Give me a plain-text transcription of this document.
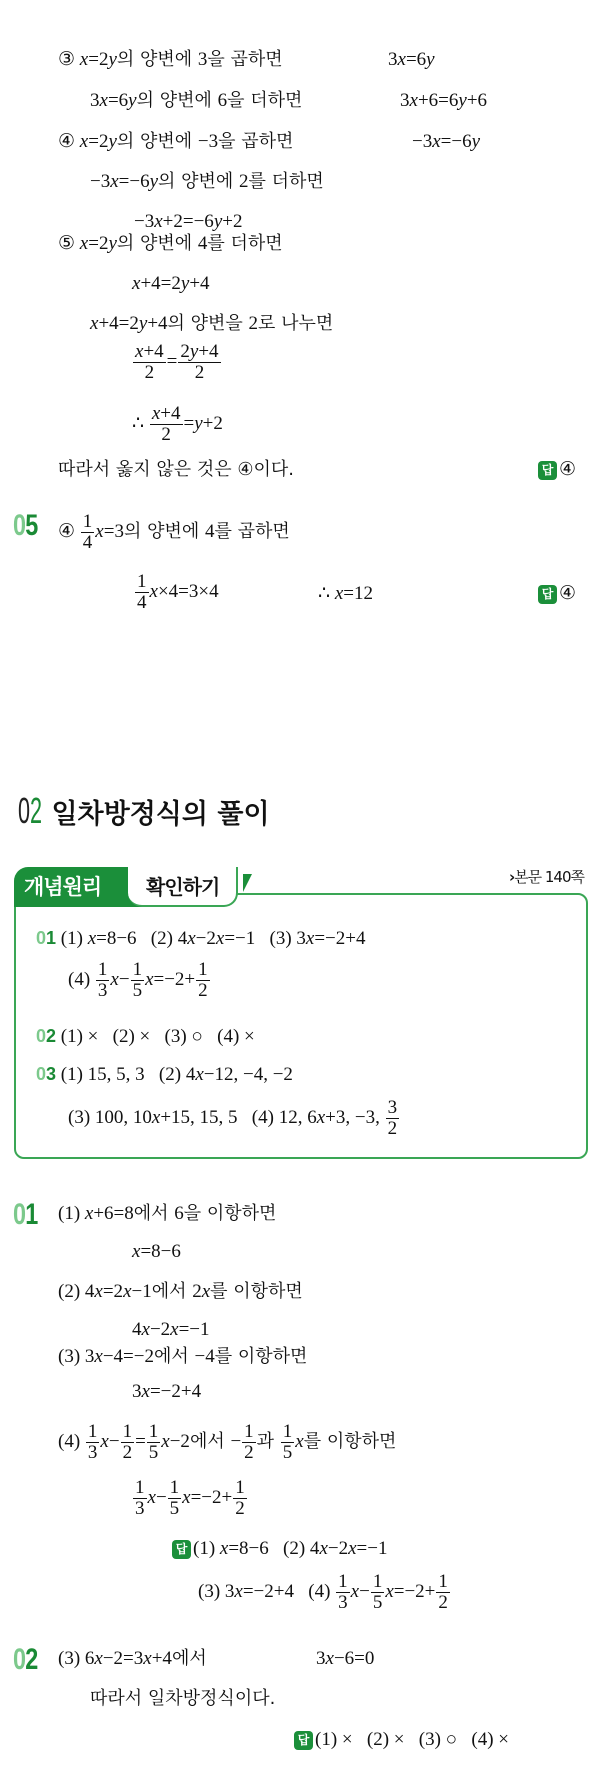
③ x=2y의 양변에 3을 곱하면	3x=6y
3x=6y의 양변에 6을 더하면	3x+6=6y+6
④ x=2y의 양변에 −3을 곱하면	−3x=−6y
−3x=−6y의 양변에 2를 더하면
−3x+2=−6y+2
⑤ x=2y의 양변에 4를 더하면
x+4=2y+4
x+4=2y+4의 양변을 2로 나누면
$\frac{x+4}{2} = \frac{2y+4}{2}$
∴ $\frac{x+4}{2} =y+2$
따라서 옳지 않은 것은 ④이다.	답 ④
05 ④ $\frac{1}{4} x=3$의 양변에 4를 곱하면
$\frac{1}{4} x\times 4=3\times 4$	∴ x=12	답 ④
02 일차방정식의 풀이
개념원리	확인하기	›본문 140쪽
01 (1) x=8−6   (2) 4x−2x=−1   (3) 3x=−2+4
$(4) \frac{1}{3} x- \frac{1}{5} x=-2+ \frac{1}{2}$
02 (1) ×   (2) ×   (3) ○   (4) ×
03 (1) 15, 5, 3   (2) 4x−12, −4, −2
(3) 100, 10x+15, 15, 5   (4) 12, 6x+3, −3, $\frac{3}{2}$
01 (1) x+6=8에서 6을 이항하면
x=8−6
(2) 4x=2x−1에서 2x를 이항하면
4x−2x=−1
(3) 3x−4=−2에서 −4를 이항하면
3x=−2+4
$(4) \frac{1}{3} x- \frac{1}{2} = \frac{1}{5} x-2$에서 − $\frac{1}{2}$ 과 $\frac{1}{5}$ x를 이항하면
$\frac{1}{3} x- \frac{1}{5} x=-2+ \frac{1}{2}$
답 (1) x=8−6   (2) 4x−2x=−1
(3) 3x=−2+4   $(4) \frac{1}{3} x- \frac{1}{5} x=-2+ \frac{1}{2}$
02 (3) 6x−2=3x+4에서	3x−6=0
따라서 일차방정식이다.
답 (1) ×   (2) ×   (3) ○   (4) ×
